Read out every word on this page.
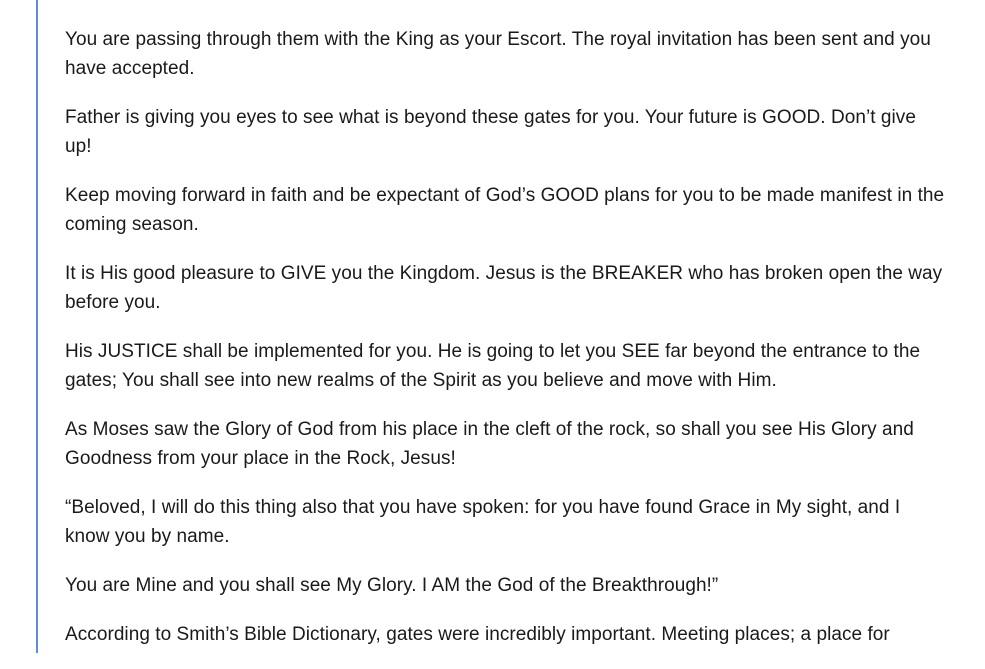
You are passing through them with the King as your Escort. The royal invitation has been sent and you have accepted.

Father is giving you eyes to see what is beyond these gates for you. Your future is GOOD. Don’t give up!

Keep moving forward in faith and be expectant of God’s GOOD plans for you to be made manifest in the coming season.

It is His good pleasure to GIVE you the Kingdom. Jesus is the BREAKER who has broken open the way before you.

His JUSTICE shall be implemented for you. He is going to let you SEE far beyond the entrance to the gates; You shall see into new realms of the Spirit as you believe and move with Him.

As Moses saw the Glory of God from his place in the cleft of the rock, so shall you see His Glory and Goodness from your place in the Rock, Jesus!

“Beloved, I will do this thing also that you have spoken: for you have found Grace in My sight, and I know you by name.

You are Mine and you shall see My Glory. I AM the God of the Breakthrough!”

According to Smith’s Bible Dictionary, gates were incredibly important. Meeting places; a place for
